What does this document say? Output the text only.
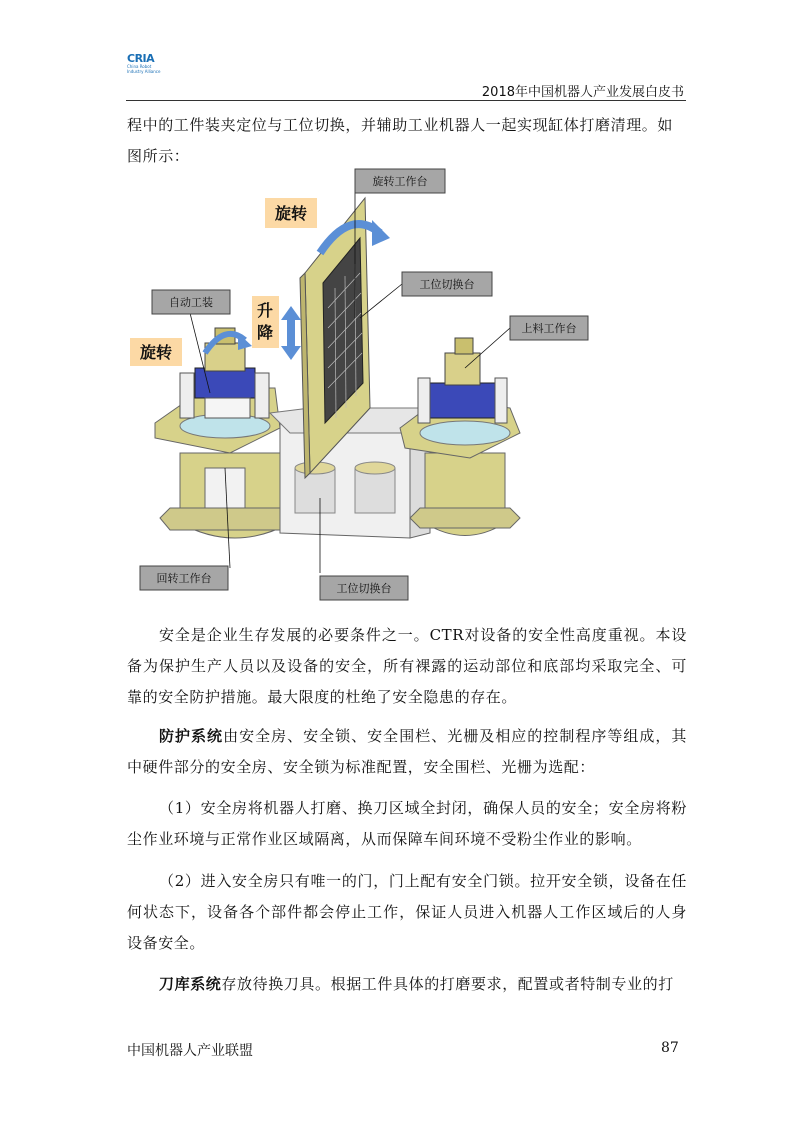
CRIA
China Robot Industry Alliance
2018年中国机器人产业发展白皮书
程中的工件装夹定位与工位切换，并辅助工业机器人一起实现缸体打磨清理。如
图所示：
旋转
旋转
升降
旋转工作台
工位切换台
上料工作台
自动工装
回转工作台
工位切换台
安全是企业生存发展的必要条件之一。CTR对设备的安全性高度重视。本设备为保护生产人员以及设备的安全，所有裸露的运动部位和底部均采取完全、可靠的安全防护措施。最大限度的杜绝了安全隐患的存在。
防护系统由安全房、安全锁、安全围栏、光栅及相应的控制程序等组成，其中硬件部分的安全房、安全锁为标准配置，安全围栏、光栅为选配：
（1）安全房将机器人打磨、换刀区域全封闭，确保人员的安全；安全房将粉尘作业环境与正常作业区域隔离，从而保障车间环境不受粉尘作业的影响。
（2）进入安全房只有唯一的门，门上配有安全门锁。拉开安全锁，设备在任何状态下，设备各个部件都会停止工作，保证人员进入机器人工作区域后的人身设备安全。
刀库系统存放待换刀具。根据工件具体的打磨要求，配置或者特制专业的打
中国机器人产业联盟	87
